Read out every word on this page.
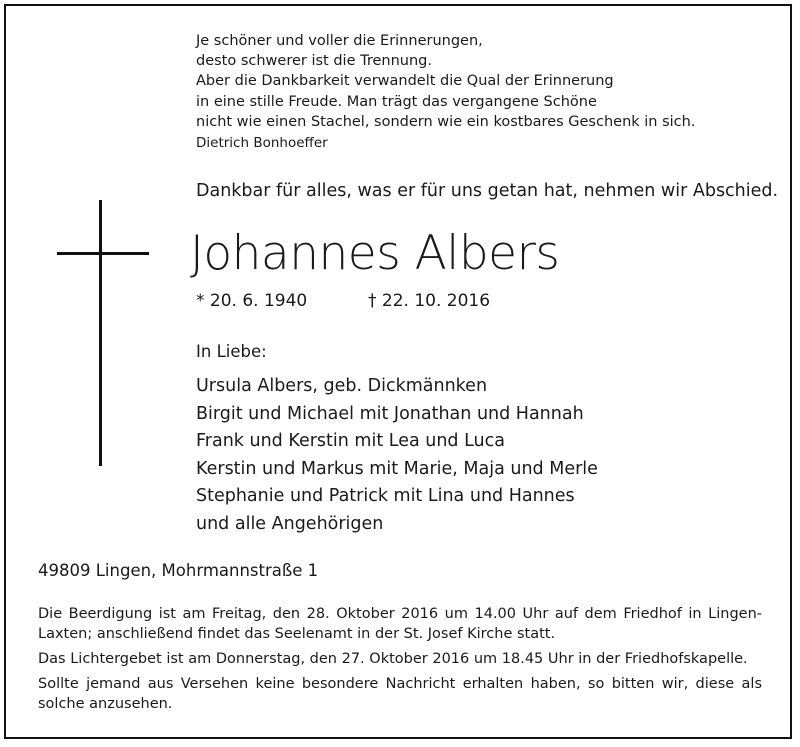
Je schöner und voller die Erinnerungen,
desto schwerer ist die Trennung.
Aber die Dankbarkeit verwandelt die Qual der Erinnerung
in eine stille Freude. Man trägt das vergangene Schöne
nicht wie einen Stachel, sondern wie ein kostbares Geschenk in sich.
Dietrich Bonhoeffer
Dankbar für alles, was er für uns getan hat, nehmen wir Abschied.
Johannes Albers
* 20. 6. 1940	† 22. 10. 2016
In Liebe:
Ursula Albers, geb. Dickmännken
Birgit und Michael mit Jonathan und Hannah
Frank und Kerstin mit Lea und Luca
Kerstin und Markus mit Marie, Maja und Merle
Stephanie und Patrick mit Lina und Hannes
und alle Angehörigen
49809 Lingen, Mohrmannstraße 1

Die Beerdigung ist am Freitag, den 28. Oktober 2016 um 14.00 Uhr auf dem Friedhof in Lingen-Laxten; anschließend findet das Seelenamt in der St. Josef Kirche statt.

Das Lichtergebet ist am Donnerstag, den 27. Oktober 2016 um 18.45 Uhr in der Friedhofskapelle.

Sollte jemand aus Versehen keine besondere Nachricht erhalten haben, so bitten wir, diese als solche anzusehen.
